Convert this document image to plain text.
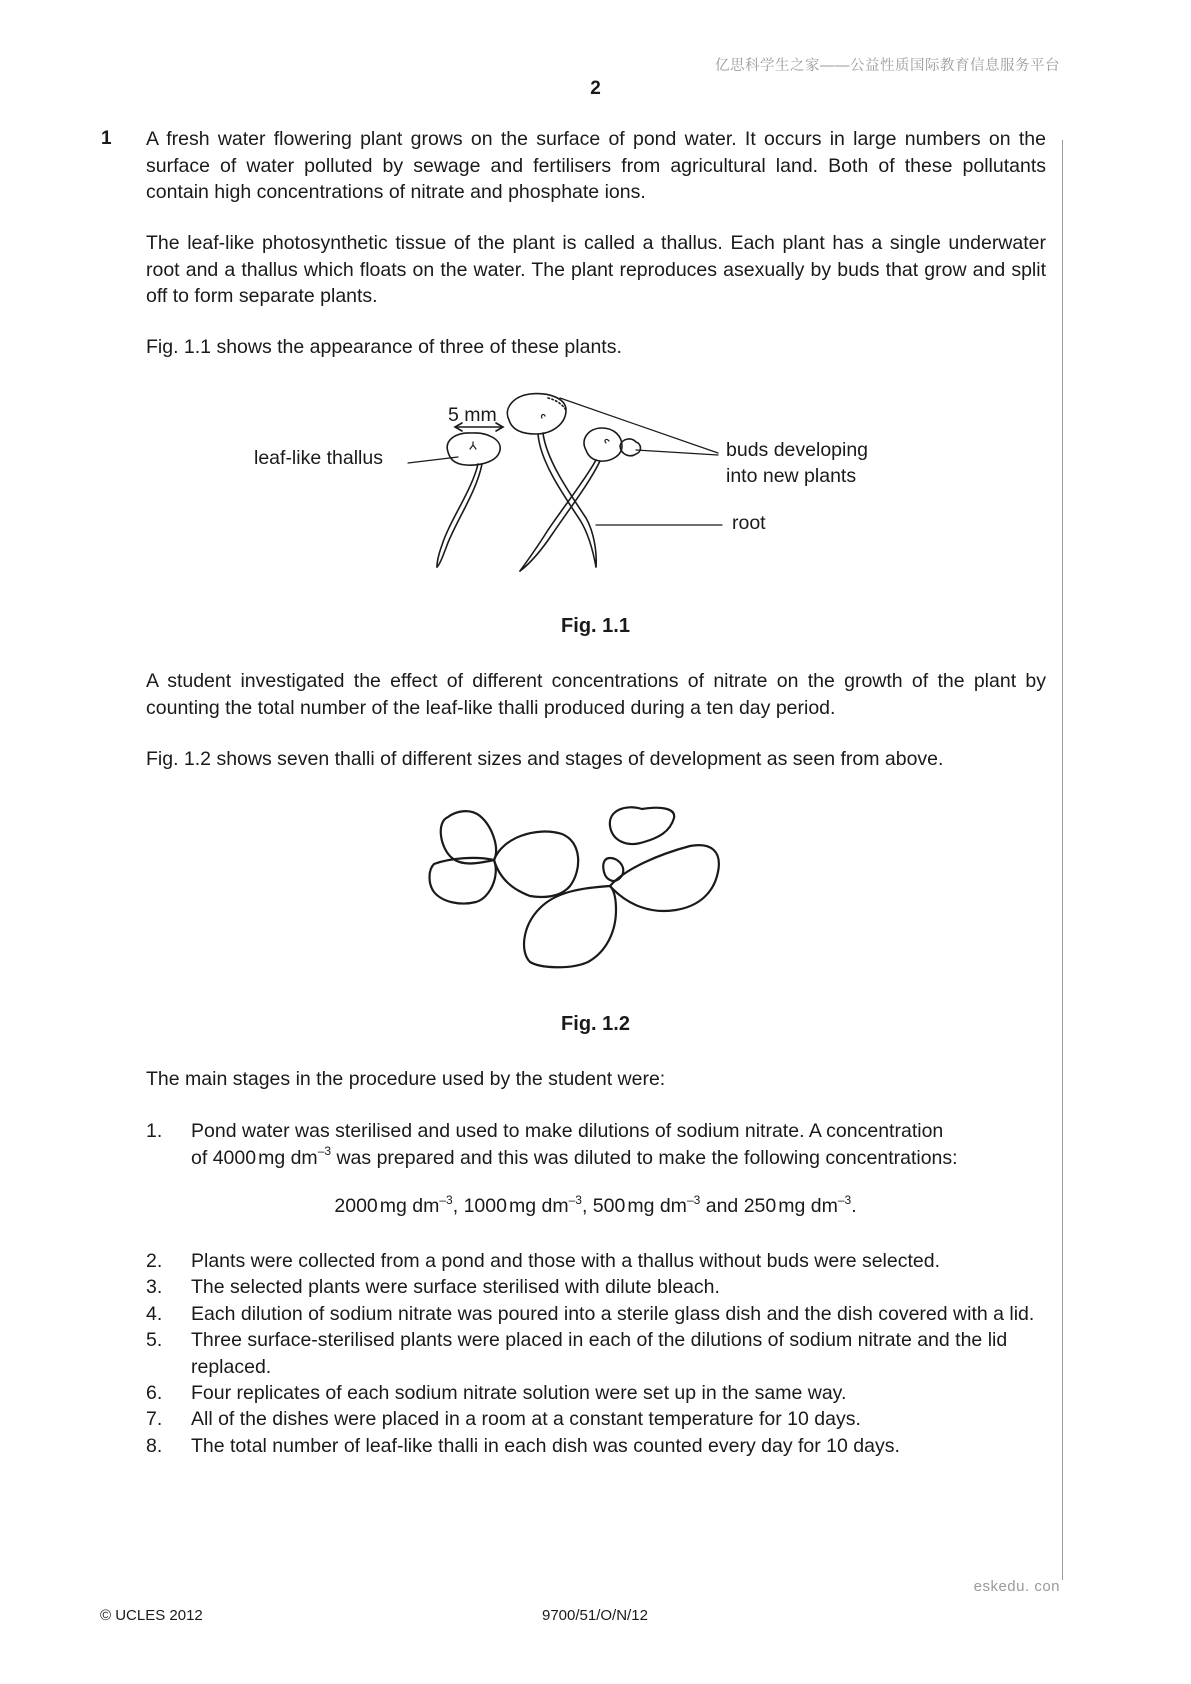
亿思科学生之家——公益性质国际教育信息服务平台
2
1 A fresh water flowering plant grows on the surface of pond water. It occurs in large numbers on the surface of water polluted by sewage and fertilisers from agricultural land. Both of these pollutants contain high concentrations of nitrate and phosphate ions.
The leaf-like photosynthetic tissue of the plant is called a thallus. Each plant has a single underwater root and a thallus which floats on the water. The plant reproduces asexually by buds that grow and split off to form separate plants.
Fig. 1.1 shows the appearance of three of these plants.
5 mm
leaf-like thallus	buds developing
into new plants
root
Fig. 1.1
A student investigated the effect of different concentrations of nitrate on the growth of the plant by counting the total number of the leaf-like thalli produced during a ten day period.
Fig. 1.2 shows seven thalli of different sizes and stages of development as seen from above.
Fig. 1.2
The main stages in the procedure used by the student were:
1. Pond water was sterilised and used to make dilutions of sodium nitrate. A concentration
of 4000 mg $dm^{-3}$ was prepared and this was diluted to make the following concentrations:
2000 mg $dm^{-3}$, 1000 mg $dm^{-3}$, 500 mg $dm^{-3}$ and 250 mg $dm^{-3}$.
2. Plants were collected from a pond and those with a thallus without buds were selected.
3. The selected plants were surface sterilised with dilute bleach.
4. Each dilution of sodium nitrate was poured into a sterile glass dish and the dish covered with a lid.
5. Three surface-sterilised plants were placed in each of the dilutions of sodium nitrate and the lid replaced.
6. Four replicates of each sodium nitrate solution were set up in the same way.
7. All of the dishes were placed in a room at a constant temperature for 10 days.
8. The total number of leaf-like thalli in each dish was counted every day for 10 days.
eskedu. con
© UCLES 2012	9700/51/O/N/12
